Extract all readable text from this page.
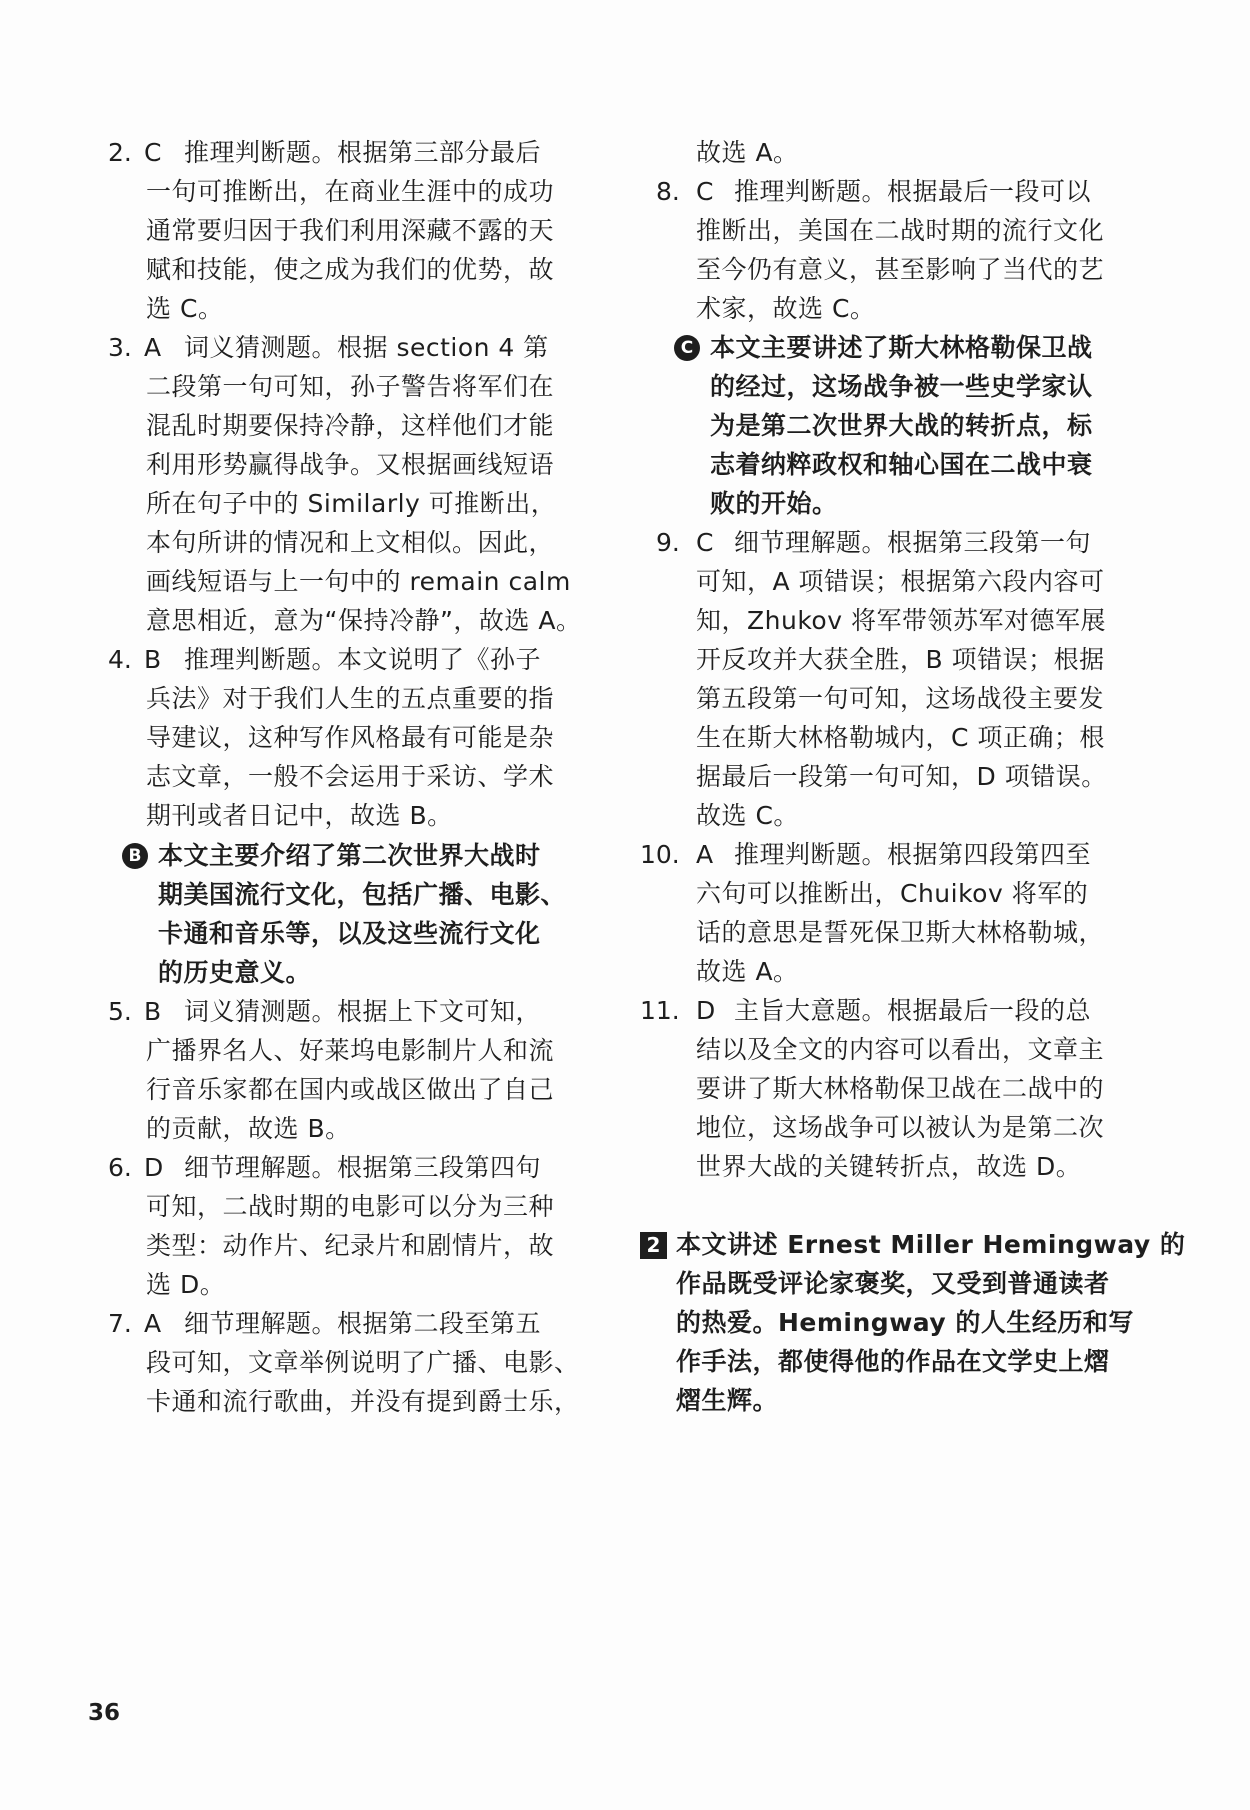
2. C 推理判断题。根据第三部分最后
一句可推断出，在商业生涯中的成功
通常要归因于我们利用深藏不露的天
赋和技能，使之成为我们的优势，故
选 C。
3. A 词义猜测题。根据 section 4 第
二段第一句可知，孙子警告将军们在
混乱时期要保持冷静，这样他们才能
利用形势赢得战争。又根据画线短语
所在句子中的 Similarly 可推断出，
本句所讲的情况和上文相似。因此，
画线短语与上一句中的 remain calm
意思相近，意为“保持冷静”，故选 A。
4. B 推理判断题。本文说明了《孙子
兵法》对于我们人生的五点重要的指
导建议，这种写作风格最有可能是杂
志文章，一般不会运用于采访、学术
期刊或者日记中，故选 B。
B 本文主要介绍了第二次世界大战时
期美国流行文化，包括广播、电影、
卡通和音乐等，以及这些流行文化
的历史意义。
5. B 词义猜测题。根据上下文可知，
广播界名人、好莱坞电影制片人和流
行音乐家都在国内或战区做出了自己
的贡献，故选 B。
6. D 细节理解题。根据第三段第四句
可知，二战时期的电影可以分为三种
类型：动作片、纪录片和剧情片，故
选 D。
7. A 细节理解题。根据第二段至第五
段可知，文章举例说明了广播、电影、
卡通和流行歌曲，并没有提到爵士乐，
故选 A。
8. C 推理判断题。根据最后一段可以
推断出，美国在二战时期的流行文化
至今仍有意义，甚至影响了当代的艺
术家，故选 C。
C 本文主要讲述了斯大林格勒保卫战
的经过，这场战争被一些史学家认
为是第二次世界大战的转折点，标
志着纳粹政权和轴心国在二战中衰
败的开始。
9. C 细节理解题。根据第三段第一句
可知，A 项错误；根据第六段内容可
知，Zhukov 将军带领苏军对德军展
开反攻并大获全胜，B 项错误；根据
第五段第一句可知，这场战役主要发
生在斯大林格勒城内，C 项正确；根
据最后一段第一句可知，D 项错误。
故选 C。
10. A 推理判断题。根据第四段第四至
六句可以推断出，Chuikov 将军的
话的意思是誓死保卫斯大林格勒城，
故选 A。
11. D 主旨大意题。根据最后一段的总
结以及全文的内容可以看出，文章主
要讲了斯大林格勒保卫战在二战中的
地位，这场战争可以被认为是第二次
世界大战的关键转折点，故选 D。
2 本文讲述 Ernest Miller Hemingway 的
作品既受评论家褒奖，又受到普通读者
的热爱。Hemingway 的人生经历和写
作手法，都使得他的作品在文学史上熠
熠生辉。
36
